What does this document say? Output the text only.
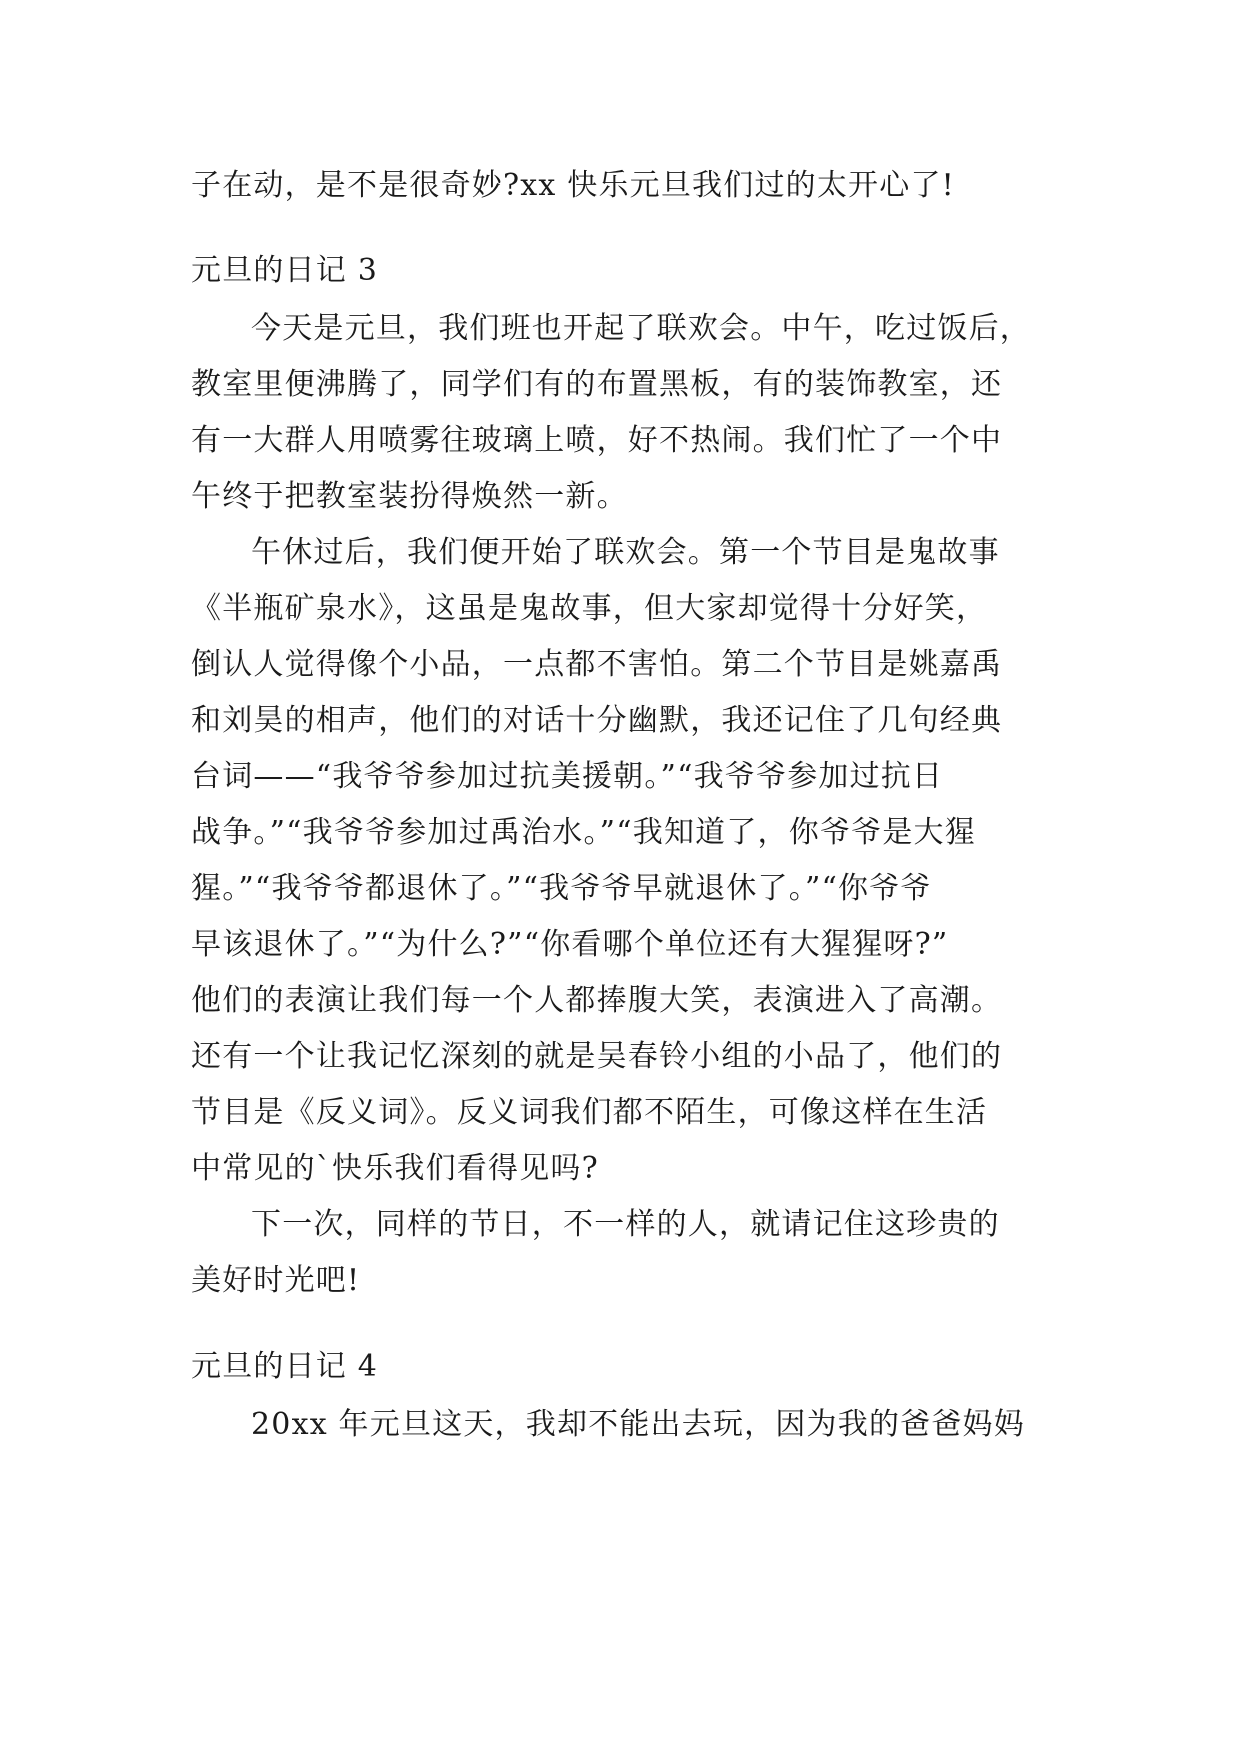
子在动，是不是很奇妙?xx 快乐元旦我们过的太开心了!
元旦的日记 3
今天是元旦，我们班也开起了联欢会。中午，吃过饭后，
教室里便沸腾了，同学们有的布置黑板，有的装饰教室，还
有一大群人用喷雾往玻璃上喷，好不热闹。我们忙了一个中
午终于把教室装扮得焕然一新。
午休过后，我们便开始了联欢会。第一个节目是鬼故事
《半瓶矿泉水》，这虽是鬼故事，但大家却觉得十分好笑，
倒认人觉得像个小品，一点都不害怕。第二个节目是姚嘉禹
和刘昊的相声，他们的对话十分幽默，我还记住了几句经典
台词——“我爷爷参加过抗美援朝。”“我爷爷参加过抗日
战争。”“我爷爷参加过禹治水。”“我知道了，你爷爷是大猩
猩。”“我爷爷都退休了。”“我爷爷早就退休了。”“你爷爷
早该退休了。”“为什么?”“你看哪个单位还有大猩猩呀?”
他们的表演让我们每一个人都捧腹大笑，表演进入了高潮。
还有一个让我记忆深刻的就是吴春铃小组的小品了，他们的
节目是《反义词》。反义词我们都不陌生，可像这样在生活
中常见的`快乐我们看得见吗?
下一次，同样的节日，不一样的人，就请记住这珍贵的
美好时光吧!
元旦的日记 4
20xx 年元旦这天，我却不能出去玩，因为我的爸爸妈妈
